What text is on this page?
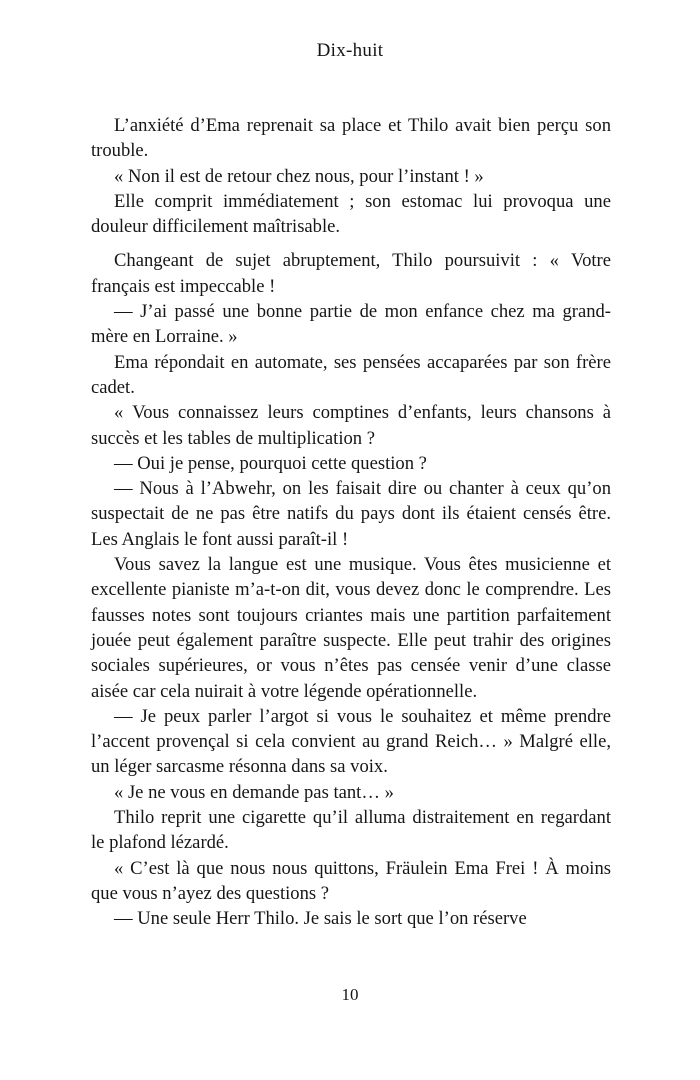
Dix-huit

L’anxiété d’Ema reprenait sa place et Thilo avait bien perçu son trouble.

« Non il est de retour chez nous, pour l’instant ! »

Elle comprit immédiatement ; son estomac lui provoqua une douleur difficilement maîtrisable.

Changeant de sujet abruptement, Thilo poursuivit : « Votre français est impeccable !

— J’ai passé une bonne partie de mon enfance chez ma grand-mère en Lorraine. »

Ema répondait en automate, ses pensées accaparées par son frère cadet.

« Vous connaissez leurs comptines d’enfants, leurs chansons à succès et les tables de multiplication ?

— Oui je pense, pourquoi cette question ?

— Nous à l’Abwehr, on les faisait dire ou chanter à ceux qu’on suspectait de ne pas être natifs du pays dont ils étaient censés être. Les Anglais le font aussi paraît-il !

Vous savez la langue est une musique. Vous êtes musicienne et excellente pianiste m’a-t-on dit, vous devez donc le comprendre. Les fausses notes sont toujours criantes mais une partition parfaitement jouée peut également paraître suspecte. Elle peut trahir des origines sociales supérieures, or vous n’êtes pas censée venir d’une classe aisée car cela nuirait à votre légende opérationnelle.

— Je peux parler l’argot si vous le souhaitez et même prendre l’accent provençal si cela convient au grand Reich… » Malgré elle, un léger sarcasme résonna dans sa voix.

« Je ne vous en demande pas tant… »

Thilo reprit une cigarette qu’il alluma distraitement en regardant le plafond lézardé.

« C’est là que nous nous quittons, Fräulein Ema Frei ! À moins que vous n’ayez des questions ?

— Une seule Herr Thilo. Je sais le sort que l’on réserve

10
